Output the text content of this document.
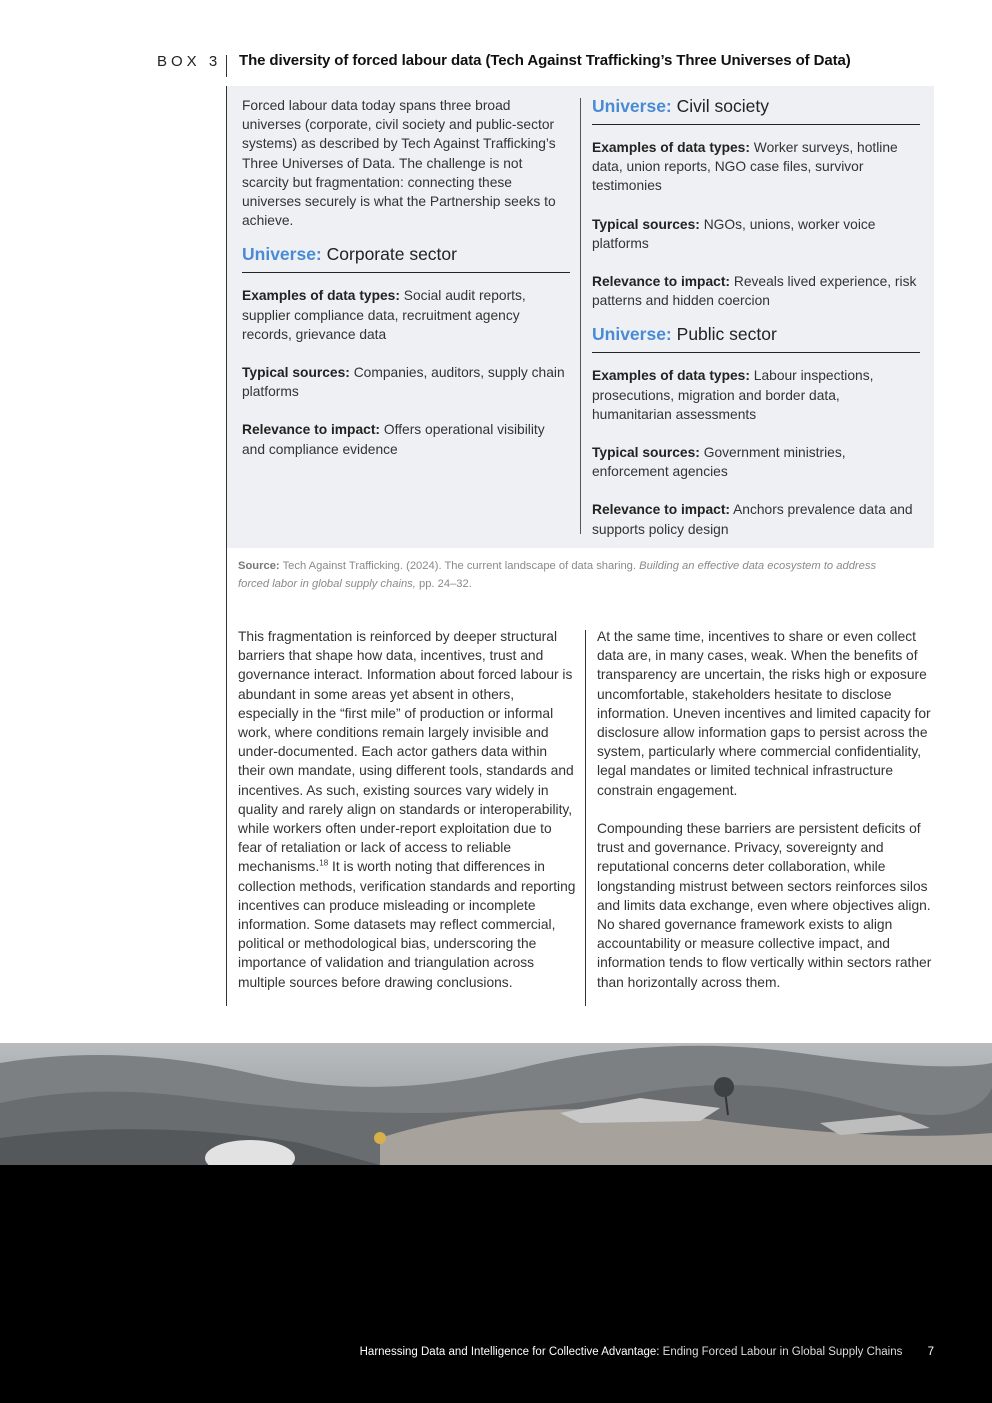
BOX 3 The diversity of forced labour data (Tech Against Trafficking’s Three Universes of Data)

Forced labour data today spans three broad universes (corporate, civil society and public-sector systems) as described by Tech Against Trafficking’s Three Universes of Data. The challenge is not scarcity but fragmentation: connecting these universes securely is what the Partnership seeks to achieve.

Universe: Corporate sector

Examples of data types: Social audit reports, supplier compliance data, recruitment agency records, grievance data

Typical sources: Companies, auditors, supply chain platforms

Relevance to impact: Offers operational visibility and compliance evidence

Universe: Civil society

Examples of data types: Worker surveys, hotline data, union reports, NGO case files, survivor testimonies

Typical sources: NGOs, unions, worker voice platforms

Relevance to impact: Reveals lived experience, risk patterns and hidden coercion

Universe: Public sector

Examples of data types: Labour inspections, prosecutions, migration and border data, humanitarian assessments

Typical sources: Government ministries, enforcement agencies

Relevance to impact: Anchors prevalence data and supports policy design

Source: Tech Against Trafficking. (2024). The current landscape of data sharing. Building an effective data ecosystem to address forced labor in global supply chains, pp. 24–32.

This fragmentation is reinforced by deeper structural barriers that shape how data, incentives, trust and governance interact. Information about forced labour is abundant in some areas yet absent in others, especially in the “first mile” of production or informal work, where conditions remain largely invisible and under-documented. Each actor gathers data within their own mandate, using different tools, standards and incentives. As such, existing sources vary widely in quality and rarely align on standards or interoperability, while workers often under-report exploitation due to fear of retaliation or lack of access to reliable mechanisms.$^{18}$ It is worth noting that differences in collection methods, verification standards and reporting incentives can produce misleading or incomplete information. Some datasets may reflect commercial, political or methodological bias, underscoring the importance of validation and triangulation across multiple sources before drawing conclusions.

At the same time, incentives to share or even collect data are, in many cases, weak. When the benefits of transparency are uncertain, the risks high or exposure uncomfortable, stakeholders hesitate to disclose information. Uneven incentives and limited capacity for disclosure allow information gaps to persist across the system, particularly where commercial confidentiality, legal mandates or limited technical infrastructure constrain engagement.

Compounding these barriers are persistent deficits of trust and governance. Privacy, sovereignty and reputational concerns deter collaboration, while longstanding mistrust between sectors reinforces silos and limits data exchange, even where objectives align. No shared governance framework exists to align accountability or measure collective impact, and information tends to flow vertically within sectors rather than horizontally across them.

Harnessing Data and Intelligence for Collective Advantage: Ending Forced Labour in Global Supply Chains 7
